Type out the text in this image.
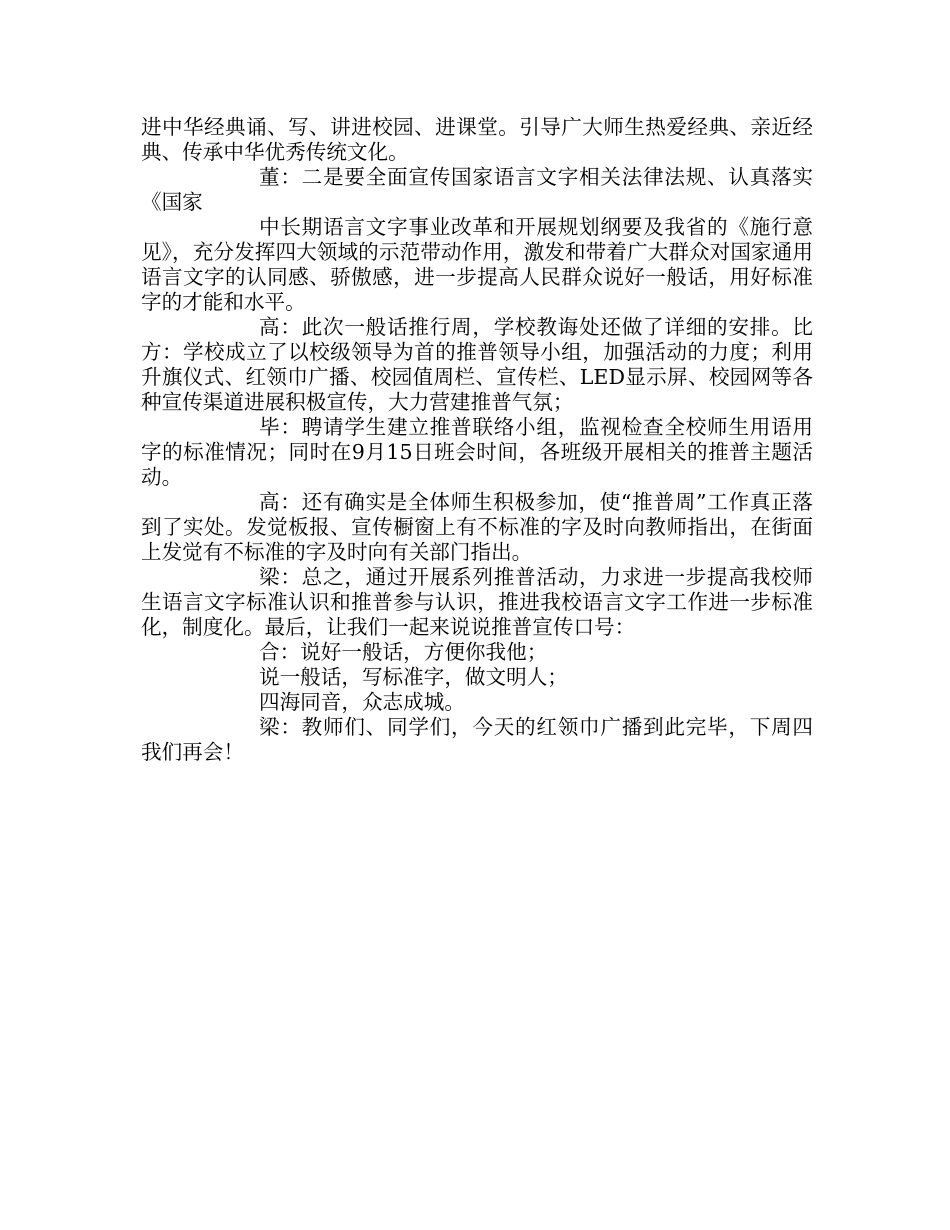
进中华经典诵、写、讲进校园、进课堂。引导广大师生热爱经典、亲近经典、传承中华优秀传统文化。

董：二是要全面宣传国家语言文字相关法律法规、认真落实《国家

中长期语言文字事业改革和开展规划纲要及我省的《施行意见》，充分发挥四大领域的示范带动作用，激发和带着广大群众对国家通用语言文字的认同感、骄傲感，进一步提高人民群众说好一般话，用好标准字的才能和水平。

高：此次一般话推行周，学校教诲处还做了详细的安排。比方：学校成立了以校级领导为首的推普领导小组，加强活动的力度；利用升旗仪式、红领巾广播、校园值周栏、宣传栏、LED显示屏、校园网等各种宣传渠道进展积极宣传，大力营建推普气氛；

毕：聘请学生建立推普联络小组，监视检查全校师生用语用字的标准情况；同时在9月15日班会时间，各班级开展相关的推普主题活动。

高：还有确实是全体师生积极参加，使“推普周”工作真正落到了实处。发觉板报、宣传橱窗上有不标准的字及时向教师指出，在街面上发觉有不标准的字及时向有关部门指出。

梁：总之，通过开展系列推普活动，力求进一步提高我校师生语言文字标准认识和推普参与认识，推进我校语言文字工作进一步标准化，制度化。最后，让我们一起来说说推普宣传口号：

合：说好一般话，方便你我他；

说一般话，写标准字，做文明人；

四海同音，众志成城。

梁：教师们、同学们，今天的红领巾广播到此完毕，下周四我们再会！
